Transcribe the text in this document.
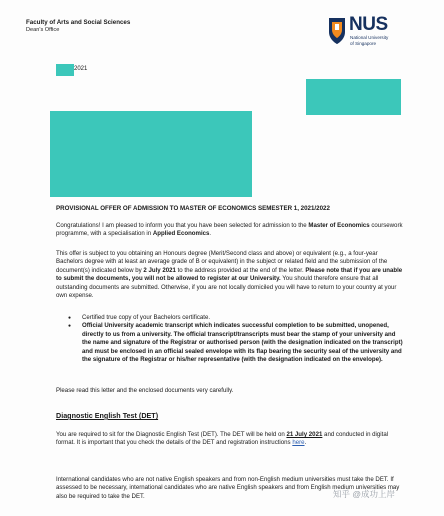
Faculty of Arts and Social Sciences
Dean's Office	NUS
National University
of Singapore
2021
PROVISIONAL OFFER OF ADMISSION TO MASTER OF ECONOMICS SEMESTER 1, 2021/2022
Congratulations! I am pleased to inform you that you have been selected for admission to the Master of Economics coursework programme, with a specialisation in Applied Economics.
This offer is subject to you obtaining an Honours degree (Merit/Second class and above) or equivalent (e.g., a four-year Bachelors degree with at least an average grade of B or equivalent) in the subject or related field and the submission of the document(s) indicated below by 2 July 2021 to the address provided at the end of the letter. Please note that if you are unable to submit the documents, you will not be allowed to register at our University. You should therefore ensure that all outstanding documents are submitted. Otherwise, if you are not locally domiciled you will have to return to your country at your own expense.
● Certified true copy of your Bachelors certificate.
● Official University academic transcript which indicates successful completion to be submitted, unopened, directly to us from a university. The official transcript/transcripts must bear the stamp of your university and the name and signature of the Registrar or authorised person (with the designation indicated on the transcript) and must be enclosed in an official sealed envelope with its flap bearing the security seal of the university and the signature of the Registrar or his/her representative (with the designation indicated on the envelope).
Please read this letter and the enclosed documents very carefully.
Diagnostic English Test (DET)
You are required to sit for the Diagnostic English Test (DET). The DET will be held on 21 July 2021 and conducted in digital format. It is important that you check the details of the DET and registration instructions here.
International candidates who are not native English speakers and from non-English medium universities must take the DET. If assessed to be necessary, international candidates who are native English speakers and from English medium universities may also be required to take the DET.	知乎 @成功上岸
